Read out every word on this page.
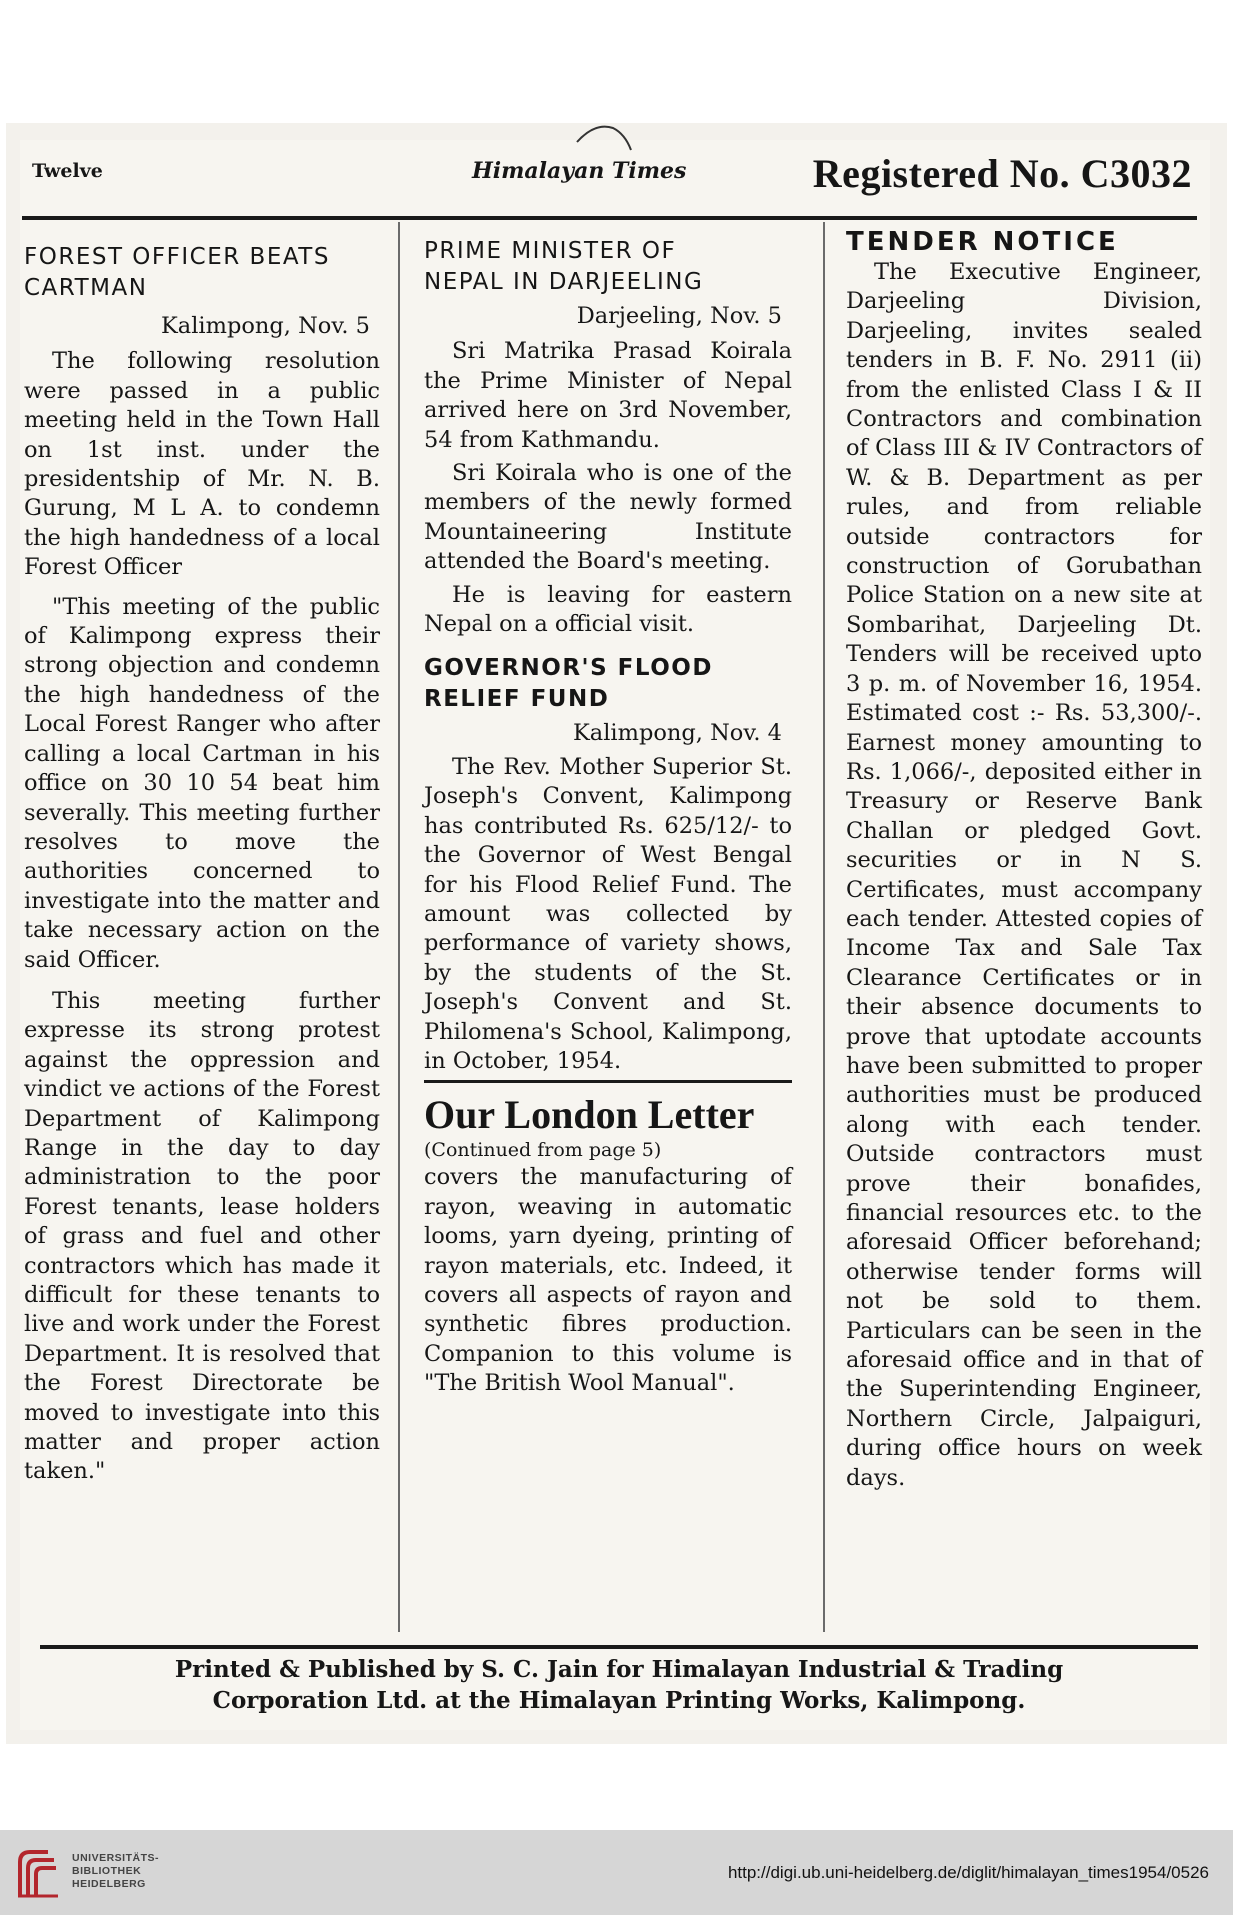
Twelve	Himalayan Times	Registered No. C3032

FOREST OFFICER BEATS

CARTMAN

Kalimpong, Nov. 5

The following resolution were passed in a public meeting held in the Town Hall on 1st inst. under the presidentship of Mr. N. B. Gurung, M L A. to condemn the high handedness of a local Forest Officer

"This meeting of the public of Kalimpong express their strong objection and condemn the high handedness of the Local Forest Ranger who after calling a local Cartman in his office on 30 10 54 beat him severally. This meeting further resolves to move the authorities concerned to investigate into the matter and take necessary action on the said Officer.

This meeting further expresse its strong protest against the oppression and vindict ve actions of the Forest Department of Kalimpong Range in the day to day administration to the poor Forest tenants, lease holders of grass and fuel and other contractors which has made it difficult for these tenants to live and work under the Forest Department. It is resolved that the Forest Directorate be moved to investigate into this matter and proper action taken."

PRIME MINISTER OF

NEPAL IN DARJEELING

Darjeeling, Nov. 5

Sri Matrika Prasad Koirala the Prime Minister of Nepal arrived here on 3rd November, 54 from Kathmandu.

Sri Koirala who is one of the members of the newly formed Mountaineering Institute attended the Board's meeting.

He is leaving for eastern Nepal on a official visit.

GOVERNOR'S FLOOD

RELIEF FUND

Kalimpong, Nov. 4

The Rev. Mother Superior St. Joseph's Convent, Kalimpong has contributed Rs. 625/12/- to the Governor of West Bengal for his Flood Relief Fund. The amount was collected by performance of variety shows, by the students of the St. Joseph's Convent and St. Philomena's School, Kalimpong, in October, 1954.

Our London Letter

(Continued from page 5)

covers the manufacturing of rayon, weaving in automatic looms, yarn dyeing, printing of rayon materials, etc. Indeed, it covers all aspects of rayon and synthetic fibres production. Companion to this volume is "The British Wool Manual".

TENDER NOTICE

The Executive Engineer, Darjeeling Division, Darjeeling, invites sealed tenders in B. F. No. 2911 (ii) from the enlisted Class I & II Contractors and combination of Class III & IV Contractors of W. & B. Department as per rules, and from reliable outside contractors for construction of Gorubathan Police Station on a new site at Sombarihat, Darjeeling Dt. Tenders will be received upto 3 p. m. of November 16, 1954. Estimated cost :- Rs. 53,300/-. Earnest money amounting to Rs. 1,066/-, deposited either in Treasury or Reserve Bank Challan or pledged Govt. securities or in N S. Certificates, must accompany each tender. Attested copies of Income Tax and Sale Tax Clearance Certificates or in their absence documents to prove that uptodate accounts have been submitted to proper authorities must be produced along with each tender. Outside contractors must prove their bonafides, financial resources etc. to the aforesaid Officer beforehand; otherwise tender forms will not be sold to them. Particulars can be seen in the aforesaid office and in that of the Superintending Engineer, Northern Circle, Jalpaiguri, during office hours on week days.

Printed & Published by S. C. Jain for Himalayan Industrial & Trading
Corporation Ltd. at the Himalayan Printing Works, Kalimpong.
UNIVERSITÄTS-
BIBLIOTHEK
HEIDELBERG
http://digi.ub.uni-heidelberg.de/diglit/himalayan_times1954/0526
